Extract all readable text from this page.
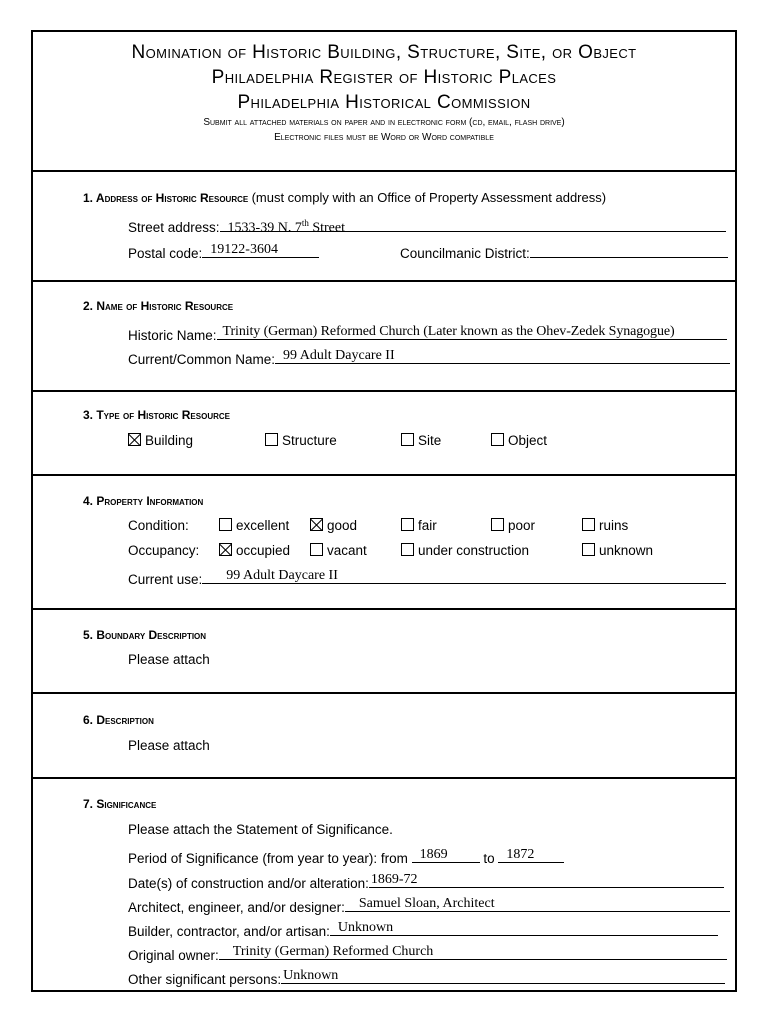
Nomination of Historic Building, Structure, Site, or Object
Philadelphia Register of Historic Places
Philadelphia Historical Commission
Submit all attached materials on paper and in electronic form (cd, email, flash drive)
Electronic files must be Word or Word compatible
1. Address of Historic Resource (must comply with an Office of Property Assessment address)
Street address: 1533-39 N. 7th Street
Postal code: 19122-3604	Councilmanic District:
2. Name of Historic Resource
Historic Name: Trinity (German) Reformed Church (Later known as the Ohev-Zedek Synagogue)
Current/Common Name: 99 Adult Daycare II
3. Type of Historic Resource
Building	Structure	Site	Object
4. Property Information
Condition:	excellent	good	fair	poor	ruins
Occupancy:	occupied	vacant	under construction	unknown
Current use: 99 Adult Daycare II
5. Boundary Description
Please attach
6. Description
Please attach
7. Significance
Please attach the Statement of Significance.
Period of Significance (from year to year): from 1869	to 1872
Date(s) of construction and/or alteration: 1869-72
Architect, engineer, and/or designer: Samuel Sloan, Architect
Builder, contractor, and/or artisan: Unknown
Original owner: Trinity (German) Reformed Church
Other significant persons: Unknown
